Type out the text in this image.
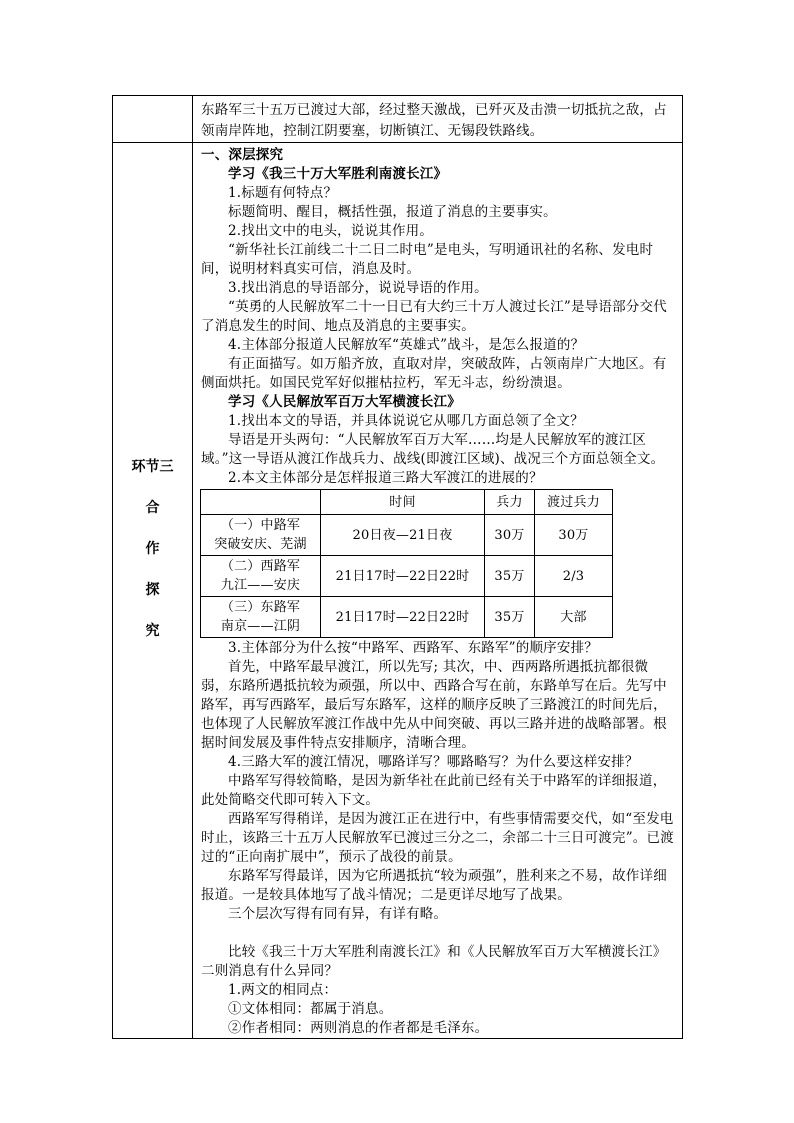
东路军三十五万已渡过大部，经过整天激战，已歼灭及击溃一切抵抗之敌，占领南岸阵地，控制江阴要塞，切断镇江、无锡段铁路线。

环节三
合
作
探
究

一、深层探究

学习《我三十万大军胜利南渡长江》

1.标题有何特点？

标题简明、醒目，概括性强，报道了消息的主要事实。

2.找出文中的电头，说说其作用。

“新华社长江前线二十二日二时电”是电头，写明通讯社的名称、发电时间，说明材料真实可信，消息及时。

3.找出消息的导语部分，说说导语的作用。

“英勇的人民解放军二十一日已有大约三十万人渡过长江”是导语部分交代了消息发生的时间、地点及消息的主要事实。

4.主体部分报道人民解放军“英雄式”战斗，是怎么报道的？

有正面描写。如万船齐放，直取对岸，突破敌阵，占领南岸广大地区。有侧面烘托。如国民党军好似摧枯拉朽，军无斗志，纷纷溃退。

学习《人民解放军百万大军横渡长江》

1.找出本文的导语，并具体说说它从哪几方面总领了全文？

导语是开头两句：“人民解放军百万大军……均是人民解放军的渡江区域。”这一导语从渡江作战兵力、战线(即渡江区域)、战况三个方面总领全文。

2.本文主体部分是怎样报道三路大军渡江的进展的？

	时间	兵力	渡过兵力

（一）中路军
突破安庆、芜湖
	20日夜—21日夜	30万	30万

（二）西路军
九江——安庆
	21日17时—22日22时	35万	2/3

（三）东路军
南京——江阴
	21日17时—22日22时	35万	大部

3.主体部分为什么按“中路军、西路军、东路军”的顺序安排？

首先，中路军最早渡江，所以先写; 其次，中、西两路所遇抵抗都很微弱，东路所遇抵抗较为顽强，所以中、西路合写在前，东路单写在后。先写中路军，再写西路军，最后写东路军，这样的顺序反映了三路渡江的时间先后，也体现了人民解放军渡江作战中先从中间突破、再以三路并进的战略部署。根据时间发展及事件特点安排顺序，清晰合理。

4.三路大军的渡江情况，哪路详写？哪路略写？为什么要这样安排？

中路军写得较简略，是因为新华社在此前已经有关于中路军的详细报道，此处简略交代即可转入下文。

西路军写得稍详，是因为渡江正在进行中，有些事情需要交代，如“至发电时止，该路三十五万人民解放军已渡过三分之二，余部二十三日可渡完”。已渡过的“正向南扩展中”，预示了战役的前景。

东路军写得最详，因为它所遇抵抗“较为顽强”，胜利来之不易，故作详细报道。一是较具体地写了战斗情况；二是更详尽地写了战果。

三个层次写得有同有异，有详有略。

比较《我三十万大军胜利南渡长江》和《人民解放军百万大军横渡长江》二则消息有什么异同？

1.两文的相同点：

①文体相同：都属于消息。

②作者相同：两则消息的作者都是毛泽东。
